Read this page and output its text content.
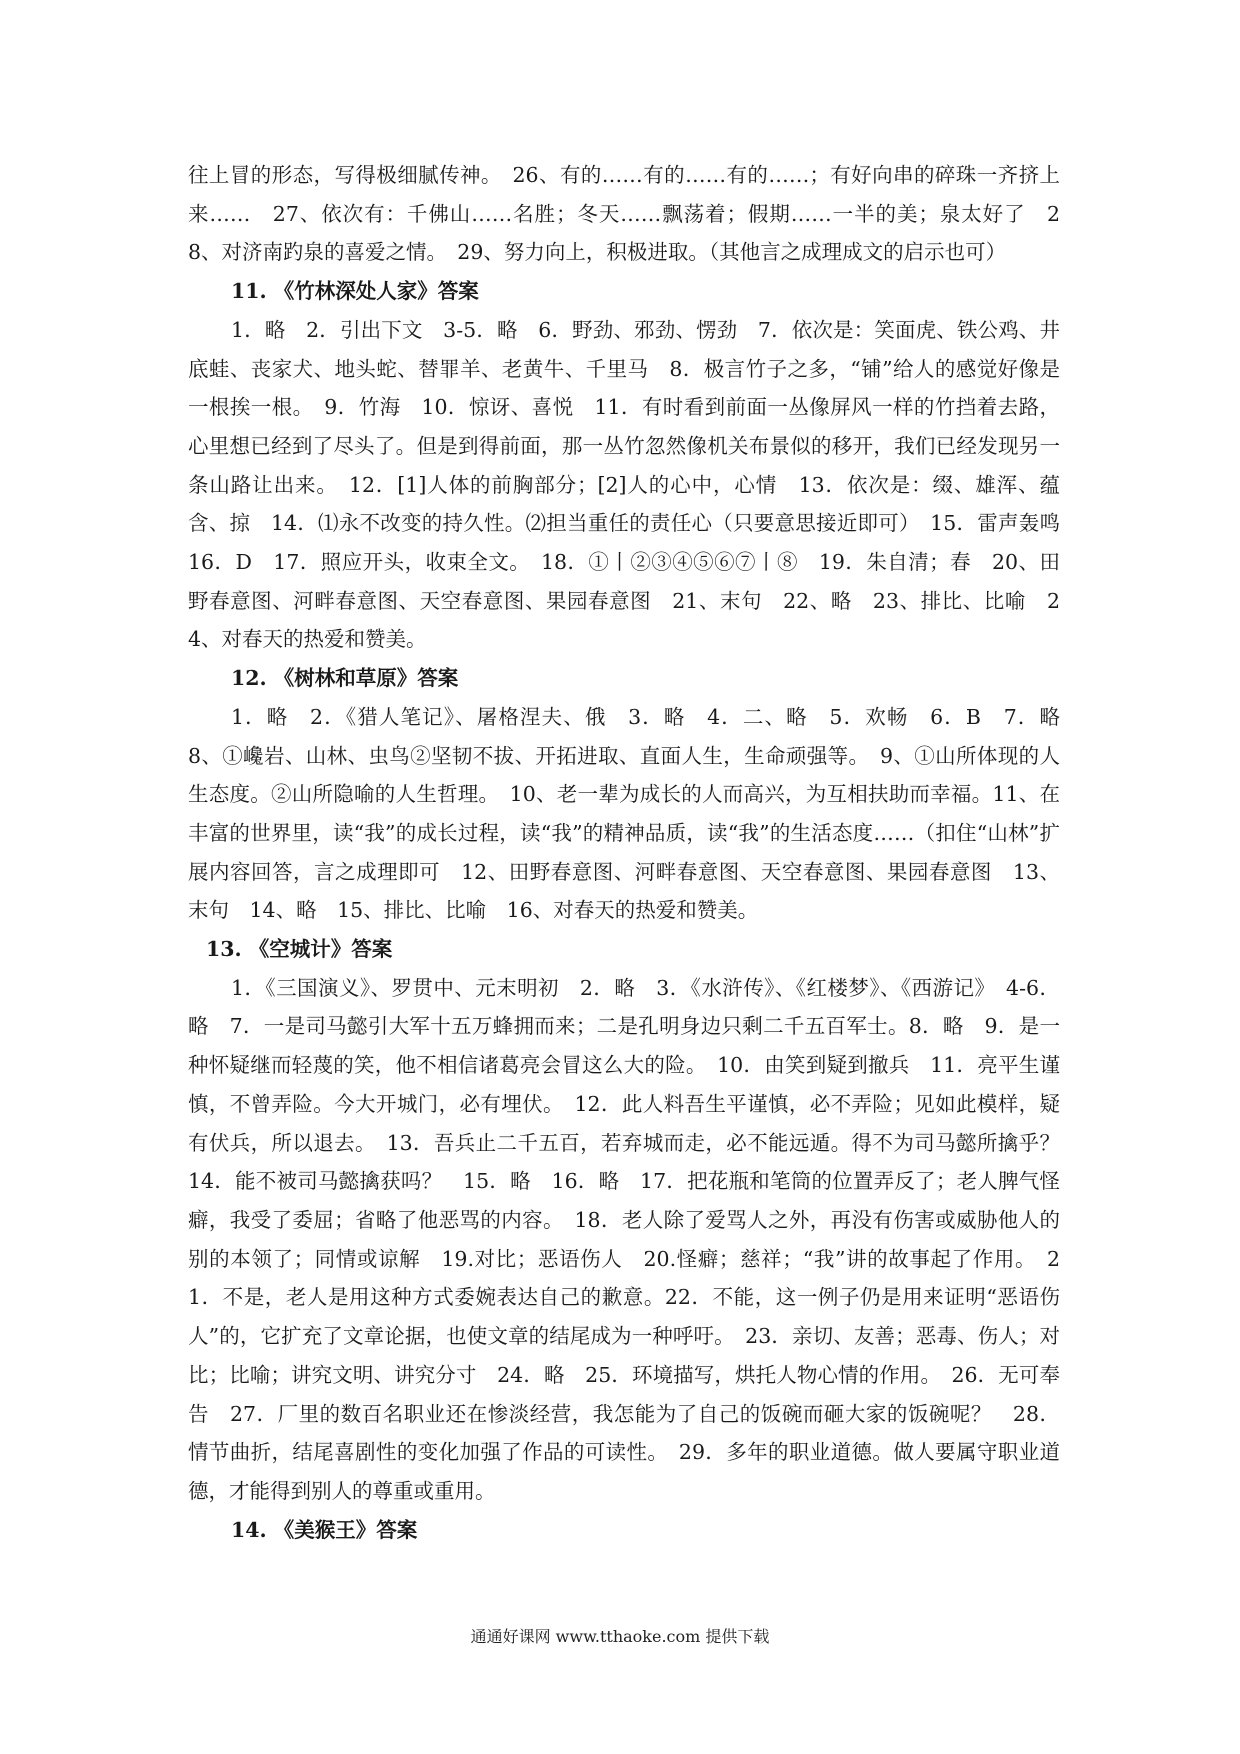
往上冒的形态，写得极细腻传神。　26、有的……有的……有的……；有好向串的碎珠一齐挤上来……　27、依次有：千佛山……名胜；冬天……飘荡着；假期……一半的美；泉太好了　28、对济南趵泉的喜爱之情。　29、努力向上，积极进取。（其他言之成理成文的启示也可）

11. 《竹林深处人家》答案

1．略　2．引出下文　3-5．略　6．野劲、邪劲、愣劲　7．依次是：笑面虎、铁公鸡、井底蛙、丧家犬、地头蛇、替罪羊、老黄牛、千里马　8．极言竹子之多，“铺”给人的感觉好像是一根挨一根。　9．竹海　10．惊讶、喜悦　11．有时看到前面一丛像屏风一样的竹挡着去路，心里想已经到了尽头了。但是到得前面，那一丛竹忽然像机关布景似的移开，我们已经发现另一条山路让出来。　12．[1]人体的前胸部分；[2]人的心中，心情　13．依次是：缀、雄浑、蕴含、掠　14．⑴永不改变的持久性。⑵担当重任的责任心（只要意思接近即可）　15．雷声轰鸣　16．D　17．照应开头，收束全文。　18．①丨②③④⑤⑥⑦丨⑧　19．朱自清；春　20、田野春意图、河畔春意图、天空春意图、果园春意图　21、末句　22、略　23、排比、比喻　24、对春天的热爱和赞美。

12. 《树林和草原》答案

1．略　2．《猎人笔记》、屠格涅夫、俄　3．略　4．二、略　5．欢畅　6．B　7．略　8、①巉岩、山林、虫鸟②坚韧不拔、开拓进取、直面人生，生命顽强等。　9、①山所体现的人生态度。②山所隐喻的人生哲理。　10、老一辈为成长的人而高兴，为互相扶助而幸福。11、在丰富的世界里，读“我”的成长过程，读“我”的精神品质，读“我”的生活态度……（扣住“山林”扩展内容回答，言之成理即可　12、田野春意图、河畔春意图、天空春意图、果园春意图　13、末句　14、略　15、排比、比喻　16、对春天的热爱和赞美。

13. 《空城计》答案

1．《三国演义》、罗贯中、元末明初　2．略　3．《水浒传》、《红楼梦》、《西游记》　4-6．略　7．一是司马懿引大军十五万蜂拥而来；二是孔明身边只剩二千五百军士。8．略　9．是一种怀疑继而轻蔑的笑，他不相信诸葛亮会冒这么大的险。　10．由笑到疑到撤兵　11．亮平生谨慎，不曾弄险。今大开城门，必有埋伏。　12．此人料吾生平谨慎，必不弄险；见如此模样，疑有伏兵，所以退去。　13．吾兵止二千五百，若弃城而走，必不能远遁。得不为司马懿所擒乎？　14．能不被司马懿擒获吗？　15．略　16．略　17．把花瓶和笔筒的位置弄反了；老人脾气怪癖，我受了委屈；省略了他恶骂的内容。　18．老人除了爱骂人之外，再没有伤害或威胁他人的别的本领了；同情或谅解　19.对比；恶语伤人　20.怪癖；慈祥；“我”讲的故事起了作用。　21．不是，老人是用这种方式委婉表达自己的歉意。22．不能，这一例子仍是用来证明“恶语伤人”的，它扩充了文章论据，也使文章的结尾成为一种呼吁。　23．亲切、友善；恶毒、伤人；对比；比喻；讲究文明、讲究分寸　24．略　25．环境描写，烘托人物心情的作用。　26．无可奉告　27．厂里的数百名职业还在惨淡经营，我怎能为了自己的饭碗而砸大家的饭碗呢？　28．情节曲折，结尾喜剧性的变化加强了作品的可读性。　29．多年的职业道德。做人要属守职业道德，才能得到别人的尊重或重用。

14. 《美猴王》答案
通通好课网 www.tthaoke.com 提供下载
